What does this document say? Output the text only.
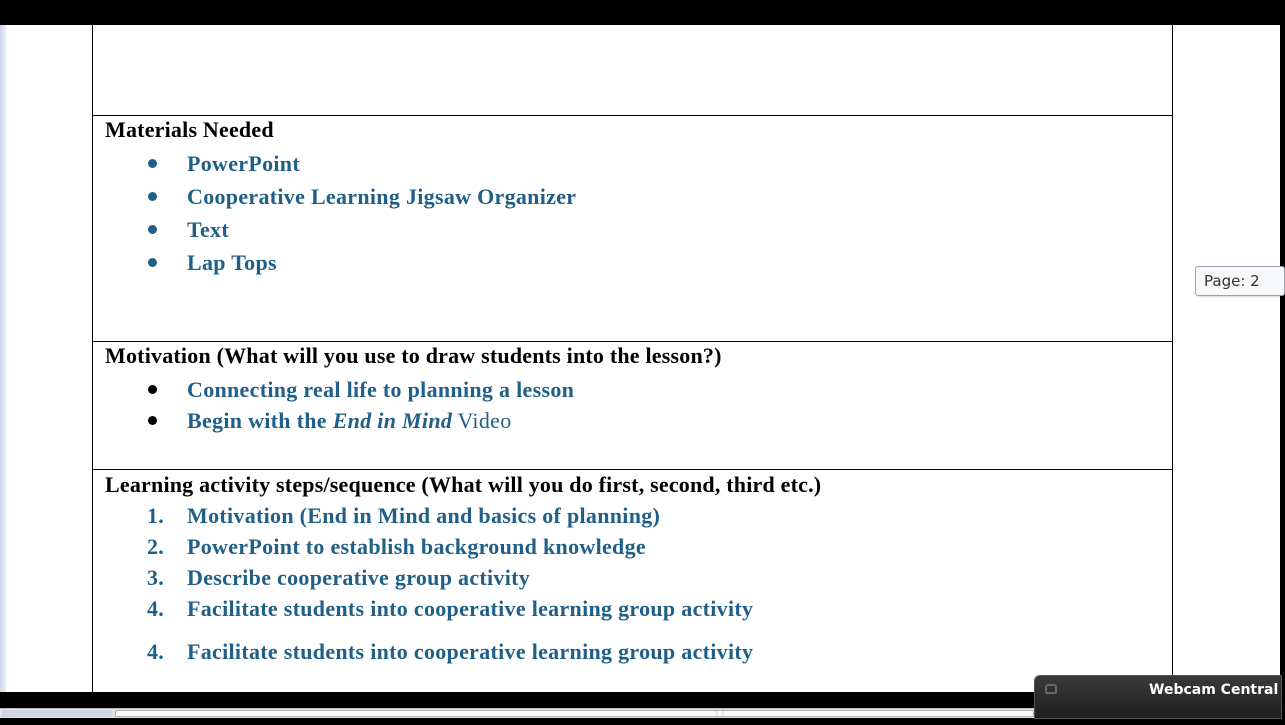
Materials Needed
PowerPoint
Cooperative Learning Jigsaw Organizer
Text
Lap Tops
Motivation (What will you use to draw students into the lesson?)
Connecting real life to planning a lesson
Begin with the End in Mind Video
Learning activity steps/sequence (What will you do first, second, third etc.)
1. Motivation (End in Mind and basics of planning)
2. PowerPoint to establish background knowledge
3. Describe cooperative group activity
4. Facilitate students into cooperative learning group activity
4. Facilitate students into cooperative learning group activity
Page: 2
⋮⋮
Webcam Central
